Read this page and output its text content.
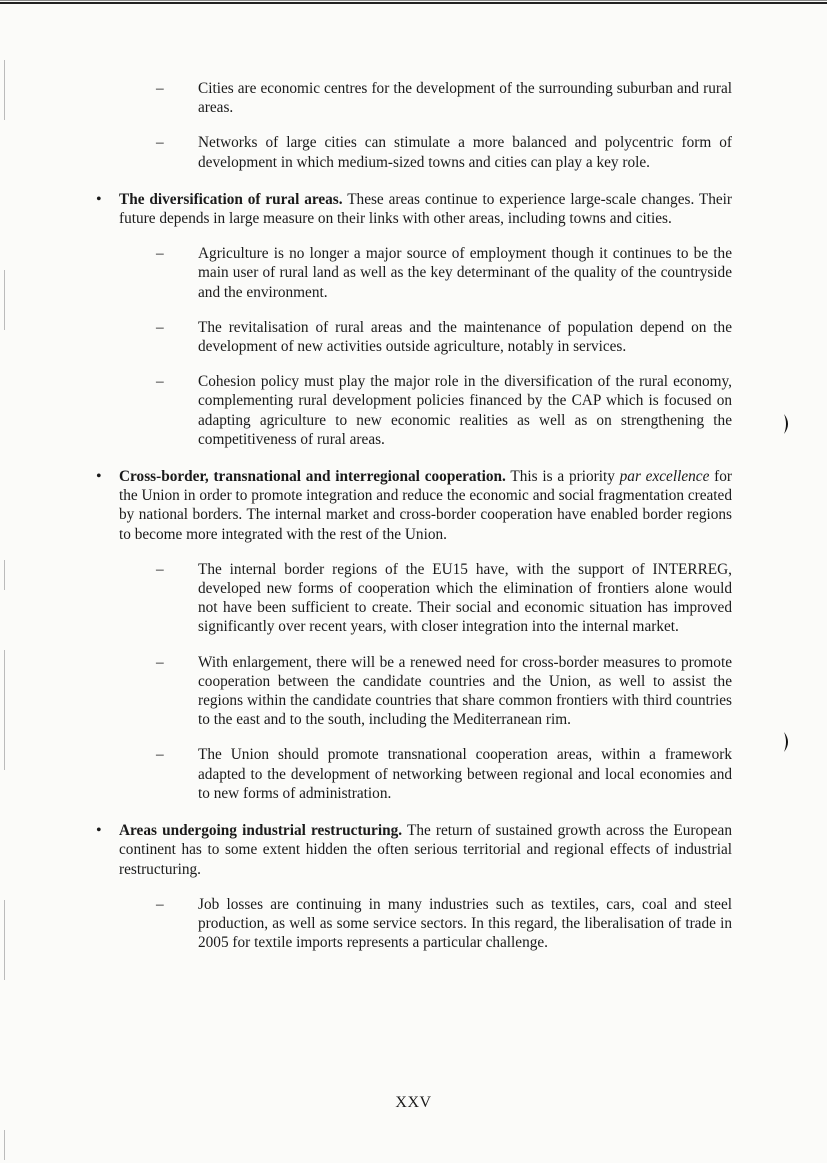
– Cities are economic centres for the development of the surrounding suburban and rural areas.
– Networks of large cities can stimulate a more balanced and polycentric form of development in which medium-sized towns and cities can play a key role.
• The diversification of rural areas. These areas continue to experience large-scale changes. Their future depends in large measure on their links with other areas, including towns and cities.
– Agriculture is no longer a major source of employment though it continues to be the main user of rural land as well as the key determinant of the quality of the countryside and the environment.
– The revitalisation of rural areas and the maintenance of population depend on the development of new activities outside agriculture, notably in services.
– Cohesion policy must play the major role in the diversification of the rural economy, complementing rural development policies financed by the CAP which is focused on adapting agriculture to new economic realities as well as on strengthening the competitiveness of rural areas.
• Cross-border, transnational and interregional cooperation. This is a priority par excellence for the Union in order to promote integration and reduce the economic and social fragmentation created by national borders. The internal market and cross-border cooperation have enabled border regions to become more integrated with the rest of the Union.
– The internal border regions of the EU15 have, with the support of INTERREG, developed new forms of cooperation which the elimination of frontiers alone would not have been sufficient to create. Their social and economic situation has improved significantly over recent years, with closer integration into the internal market.
– With enlargement, there will be a renewed need for cross-border measures to promote cooperation between the candidate countries and the Union, as well to assist the regions within the candidate countries that share common frontiers with third countries to the east and to the south, including the Mediterranean rim.
– The Union should promote transnational cooperation areas, within a framework adapted to the development of networking between regional and local economies and to new forms of administration.
• Areas undergoing industrial restructuring. The return of sustained growth across the European continent has to some extent hidden the often serious territorial and regional effects of industrial restructuring.
– Job losses are continuing in many industries such as textiles, cars, coal and steel production, as well as some service sectors. In this regard, the liberalisation of trade in 2005 for textile imports represents a particular challenge.
XXV
